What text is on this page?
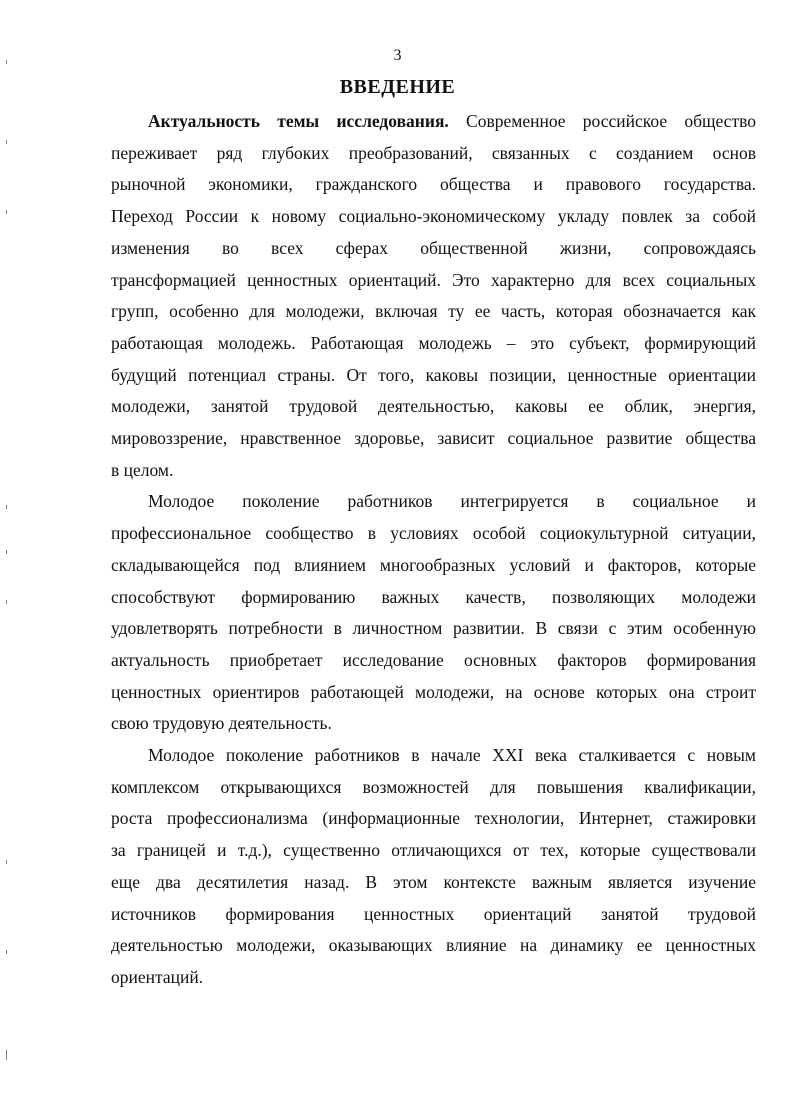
3
ВВЕДЕНИЕ
Актуальность темы исследования. Современное российское общество
переживает ряд глубоких преобразований, связанных с созданием основ
рыночной экономики, гражданского общества и правового государства.
Переход России к новому социально-экономическому укладу повлек за собой
изменения во всех сферах общественной жизни, сопровождаясь
трансформацией ценностных ориентаций. Это характерно для всех социальных
групп, особенно для молодежи, включая ту ее часть, которая обозначается как
работающая молодежь. Работающая молодежь – это субъект, формирующий
будущий потенциал страны. От того, каковы позиции, ценностные ориентации
молодежи, занятой трудовой деятельностью, каковы ее облик, энергия,
мировоззрение, нравственное здоровье, зависит социальное развитие общества
в целом.
Молодое поколение работников интегрируется в социальное и
профессиональное сообщество в условиях особой социокультурной ситуации,
складывающейся под влиянием многообразных условий и факторов, которые
способствуют формированию важных качеств, позволяющих молодежи
удовлетворять потребности в личностном развитии. В связи с этим особенную
актуальность приобретает исследование основных факторов формирования
ценностных ориентиров работающей молодежи, на основе которых она строит
свою трудовую деятельность.
Молодое поколение работников в начале XXI века сталкивается с новым
комплексом открывающихся возможностей для повышения квалификации,
роста профессионализма (информационные технологии, Интернет, стажировки
за границей и т.д.), существенно отличающихся от тех, которые существовали
еще два десятилетия назад. В этом контексте важным является изучение
источников формирования ценностных ориентаций занятой трудовой
деятельностью молодежи, оказывающих влияние на динамику ее ценностных
ориентаций.
